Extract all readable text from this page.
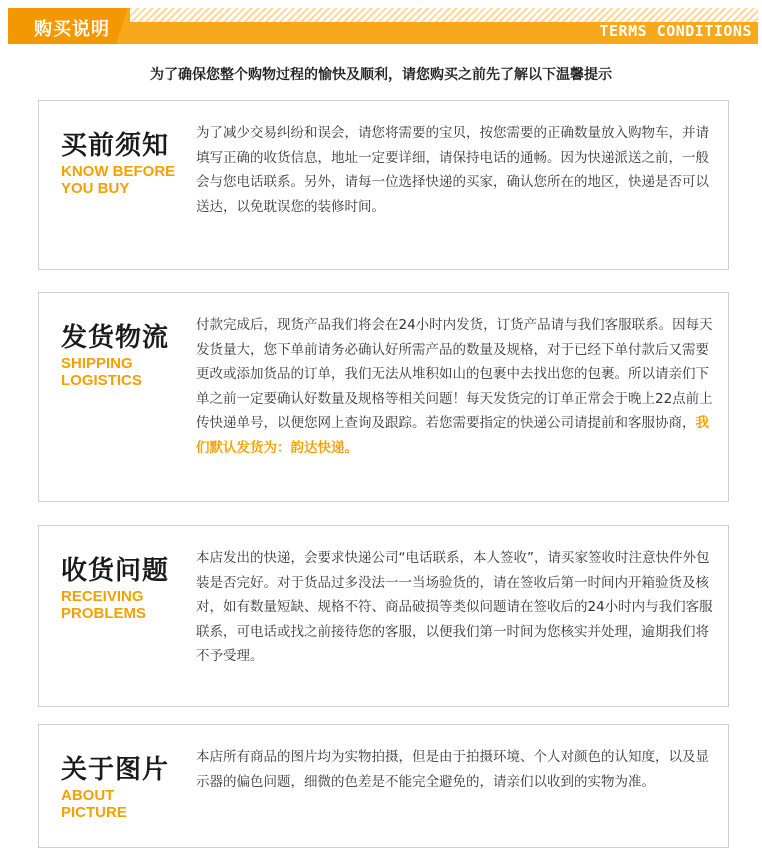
购买说明	TERMS CONDITIONS
为了确保您整个购物过程的愉快及顺利，请您购买之前先了解以下温馨提示
买前须知
KNOW BEFORE
YOU BUY
为了减少交易纠纷和误会，请您将需要的宝贝，按您需要的正确数量放入购物车，并请填写正确的收货信息，地址一定要详细，请保持电话的通畅。因为快递派送之前，一般会与您电话联系。另外，请每一位选择快递的买家，确认您所在的地区，快递是否可以送达，以免耽误您的装修时间。
发货物流
SHIPPING
LOGISTICS
付款完成后，现货产品我们将会在24小时内发货，订货产品请与我们客服联系。因每天发货量大，您下单前请务必确认好所需产品的数量及规格，对于已经下单付款后又需要更改或添加货品的订单，我们无法从堆积如山的包裹中去找出您的包裹。所以请亲们下单之前一定要确认好数量及规格等相关问题！每天发货完的订单正常会于晚上22点前上传快递单号，以便您网上查询及跟踪。若您需要指定的快递公司请提前和客服协商，我们默认发货为：韵达快递。
收货问题
RECEIVING
PROBLEMS
本店发出的快递，会要求快递公司“电话联系，本人签收”，请买家签收时注意快件外包装是否完好。对于货品过多没法一一当场验货的，请在签收后第一时间内开箱验货及核对，如有数量短缺、规格不符、商品破损等类似问题请在签收后的24小时内与我们客服联系，可电话或找之前接待您的客服，以便我们第一时间为您核实并处理，逾期我们将不予受理。
关于图片
ABOUT
PICTURE
本店所有商品的图片均为实物拍摄，但是由于拍摄环境、个人对颜色的认知度，以及显示器的偏色问题，细微的色差是不能完全避免的，请亲们以收到的实物为准。
